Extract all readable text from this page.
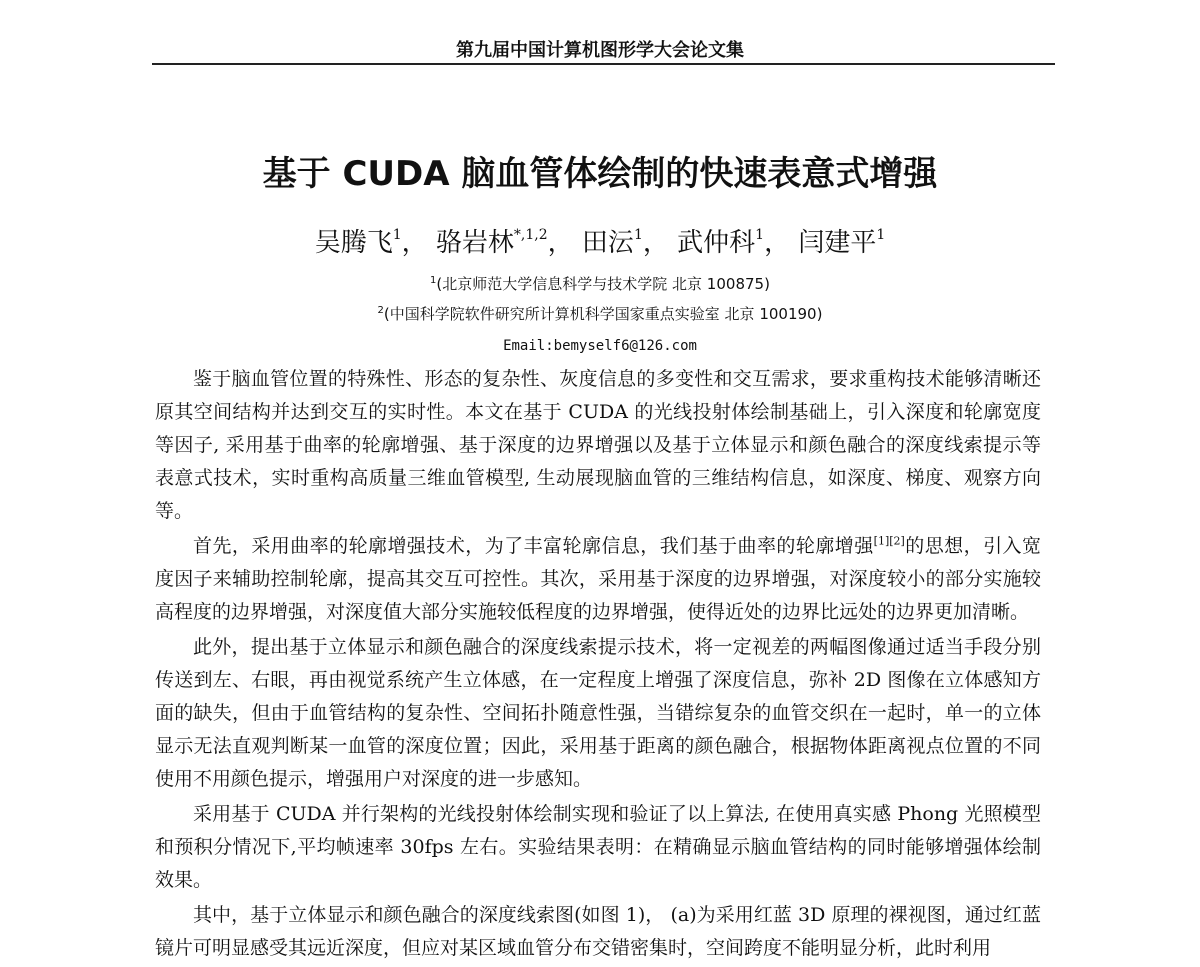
第九届中国计算机图形学大会论文集
基于 CUDA 脑血管体绘制的快速表意式增强
吴腾飞$^1$， 骆岩林$^{*,1,2}$， 田沄$^1$， 武仲科$^1$， 闫建平$^1$
$^1$(北京师范大学信息科学与技术学院 北京 100875)
$^2$(中国科学院软件研究所计算机科学国家重点实验室 北京 100190)
Email:bemyself6@126.com

鉴于脑血管位置的特殊性、形态的复杂性、灰度信息的多变性和交互需求，要求重构技术能够清晰还原其空间结构并达到交互的实时性。本文在基于 CUDA 的光线投射体绘制基础上，引入深度和轮廓宽度等因子, 采用基于曲率的轮廓增强、基于深度的边界增强以及基于立体显示和颜色融合的深度线索提示等表意式技术，实时重构高质量三维血管模型, 生动展现脑血管的三维结构信息，如深度、梯度、观察方向等。

首先，采用曲率的轮廓增强技术，为了丰富轮廓信息，我们基于曲率的轮廓增强[1][2]的思想，引入宽度因子来辅助控制轮廓，提高其交互可控性。其次，采用基于深度的边界增强，对深度较小的部分实施较高程度的边界增强，对深度值大部分实施较低程度的边界增强，使得近处的边界比远处的边界更加清晰。

此外，提出基于立体显示和颜色融合的深度线索提示技术，将一定视差的两幅图像通过适当手段分别传送到左、右眼，再由视觉系统产生立体感，在一定程度上增强了深度信息，弥补 2D 图像在立体感知方面的缺失，但由于血管结构的复杂性、空间拓扑随意性强，当错综复杂的血管交织在一起时，单一的立体显示无法直观判断某一血管的深度位置；因此，采用基于距离的颜色融合，根据物体距离视点位置的不同使用不用颜色提示，增强用户对深度的进一步感知。

采用基于 CUDA 并行架构的光线投射体绘制实现和验证了以上算法, 在使用真实感 Phong 光照模型和预积分情况下,平均帧速率 30fps 左右。实验结果表明：在精确显示脑血管结构的同时能够增强体绘制效果。

其中，基于立体显示和颜色融合的深度线索图(如图 1)， (a)为采用红蓝 3D 原理的裸视图，通过红蓝镜片可明显感受其远近深度，但应对某区域血管分布交错密集时，空间跨度不能明显分析，此时利用
